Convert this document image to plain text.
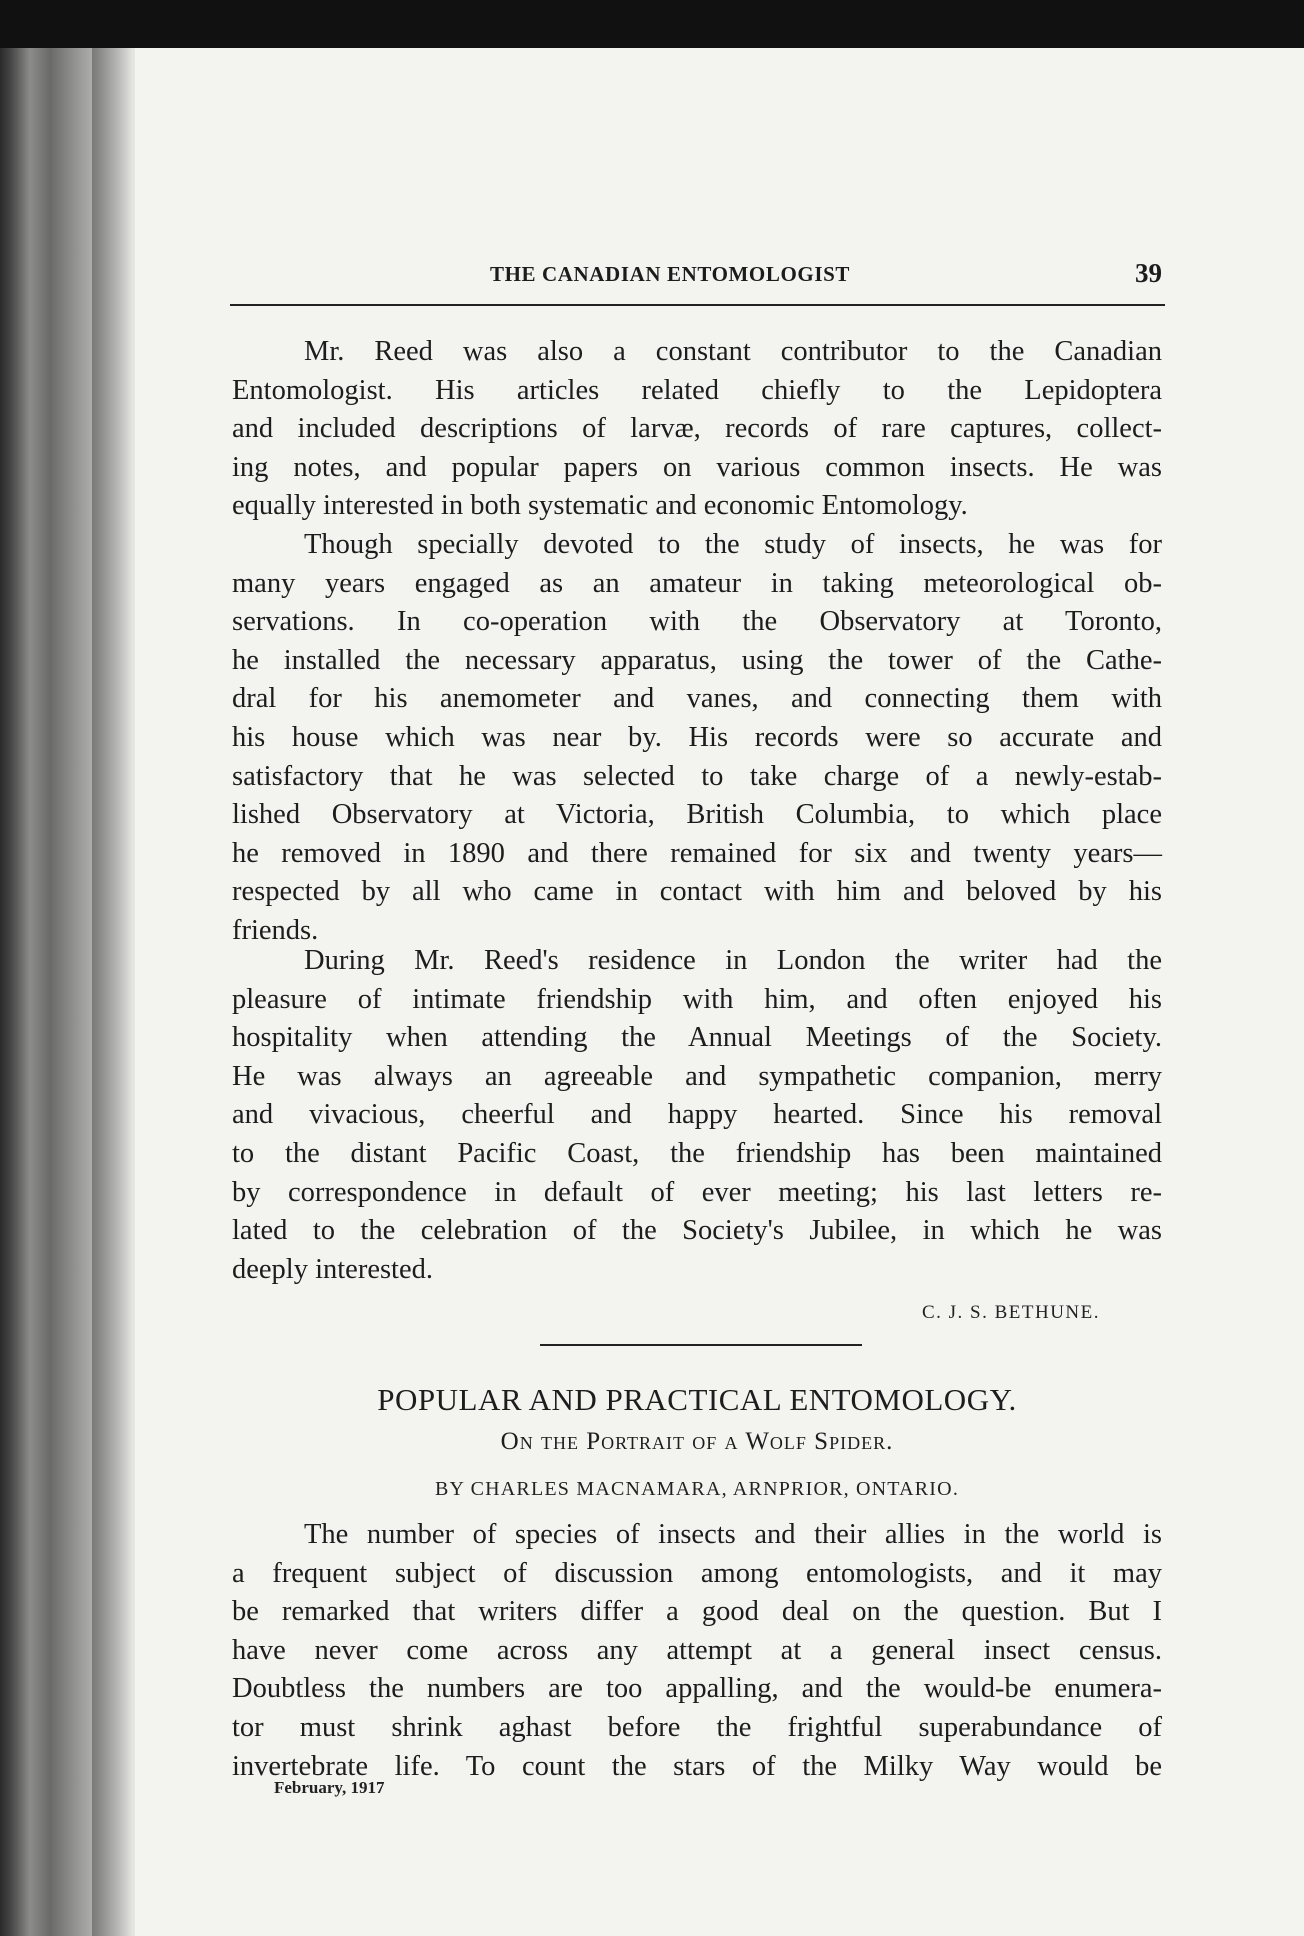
THE CANADIAN ENTOMOLOGIST	39
Mr. Reed was also a constant contributor to the Canadian
Entomologist. His articles related chiefly to the Lepidoptera
and included descriptions of larvæ, records of rare captures, collect-
ing notes, and popular papers on various common insects. He was
equally interested in both systematic and economic Entomology.
Though specially devoted to the study of insects, he was for
many years engaged as an amateur in taking meteorological ob-
servations. In co-operation with the Observatory at Toronto,
he installed the necessary apparatus, using the tower of the Cathe-
dral for his anemometer and vanes, and connecting them with
his house which was near by. His records were so accurate and
satisfactory that he was selected to take charge of a newly-estab-
lished Observatory at Victoria, British Columbia, to which place
he removed in 1890 and there remained for six and twenty years—
respected by all who came in contact with him and beloved by his
friends.
During Mr. Reed's residence in London the writer had the
pleasure of intimate friendship with him, and often enjoyed his
hospitality when attending the Annual Meetings of the Society.
He was always an agreeable and sympathetic companion, merry
and vivacious, cheerful and happy hearted. Since his removal
to the distant Pacific Coast, the friendship has been maintained
by correspondence in default of ever meeting; his last letters re-
lated to the celebration of the Society's Jubilee, in which he was
deeply interested.
C. J. S. BETHUNE.
POPULAR AND PRACTICAL ENTOMOLOGY.
On the Portrait of a Wolf Spider.
BY CHARLES MACNAMARA, ARNPRIOR, ONTARIO.
The number of species of insects and their allies in the world is
a frequent subject of discussion among entomologists, and it may
be remarked that writers differ a good deal on the question. But I
have never come across any attempt at a general insect census.
Doubtless the numbers are too appalling, and the would-be enumera-
tor must shrink aghast before the frightful superabundance of
invertebrate life. To count the stars of the Milky Way would be
February, 1917
